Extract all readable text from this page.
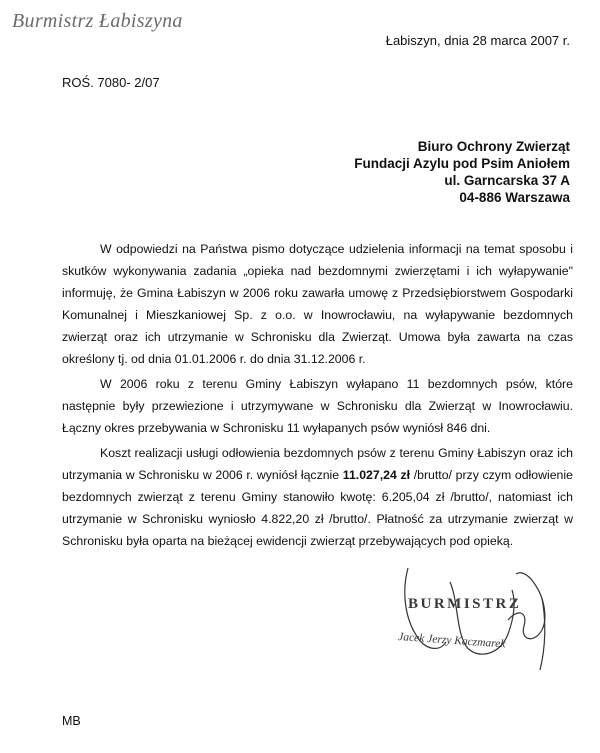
Burmistrz Łabiszyna
Łabiszyn, dnia 28 marca 2007 r.
ROŚ. 7080- 2/07
Biuro Ochrony Zwierząt
Fundacji Azylu pod Psim Aniołem
ul. Garncarska 37 A
04-886 Warszawa

W odpowiedzi na Państwa pismo dotyczące udzielenia informacji na temat sposobu i skutków wykonywania zadania „opieka nad bezdomnymi zwierzętami i ich wyłapywanie" informuję, że Gmina Łabiszyn w 2006 roku zawarła umowę z Przedsiębiorstwem Gospodarki Komunalnej i Mieszkaniowej Sp. z o.o. w Inowrocławiu, na wyłapywanie bezdomnych zwierząt oraz ich utrzymanie w Schronisku dla Zwierząt. Umowa była zawarta na czas określony tj. od dnia 01.01.2006 r. do dnia 31.12.2006 r.

W 2006 roku z terenu Gminy Łabiszyn wyłapano 11 bezdomnych psów, które następnie były przewiezione i utrzymywane w Schronisku dla Zwierząt w Inowrocławiu. Łączny okres przebywania w Schronisku 11 wyłapanych psów wyniósł 846 dni.

Koszt realizacji usługi odłowienia bezdomnych psów z terenu Gminy Łabiszyn oraz ich utrzymania w Schronisku w 2006 r. wyniósł łącznie 11.027,24 zł /brutto/ przy czym odłowienie bezdomnych zwierząt z terenu Gminy stanowiło kwotę: 6.205,04 zł /brutto/, natomiast ich utrzymanie w Schronisku wyniosło 4.822,20 zł /brutto/. Płatność za utrzymanie zwierząt w Schronisku była oparta na bieżącej ewidencji zwierząt przebywających pod opieką.

BURMISTRZ
Jacek Jerzy Kaczmarek
MB
